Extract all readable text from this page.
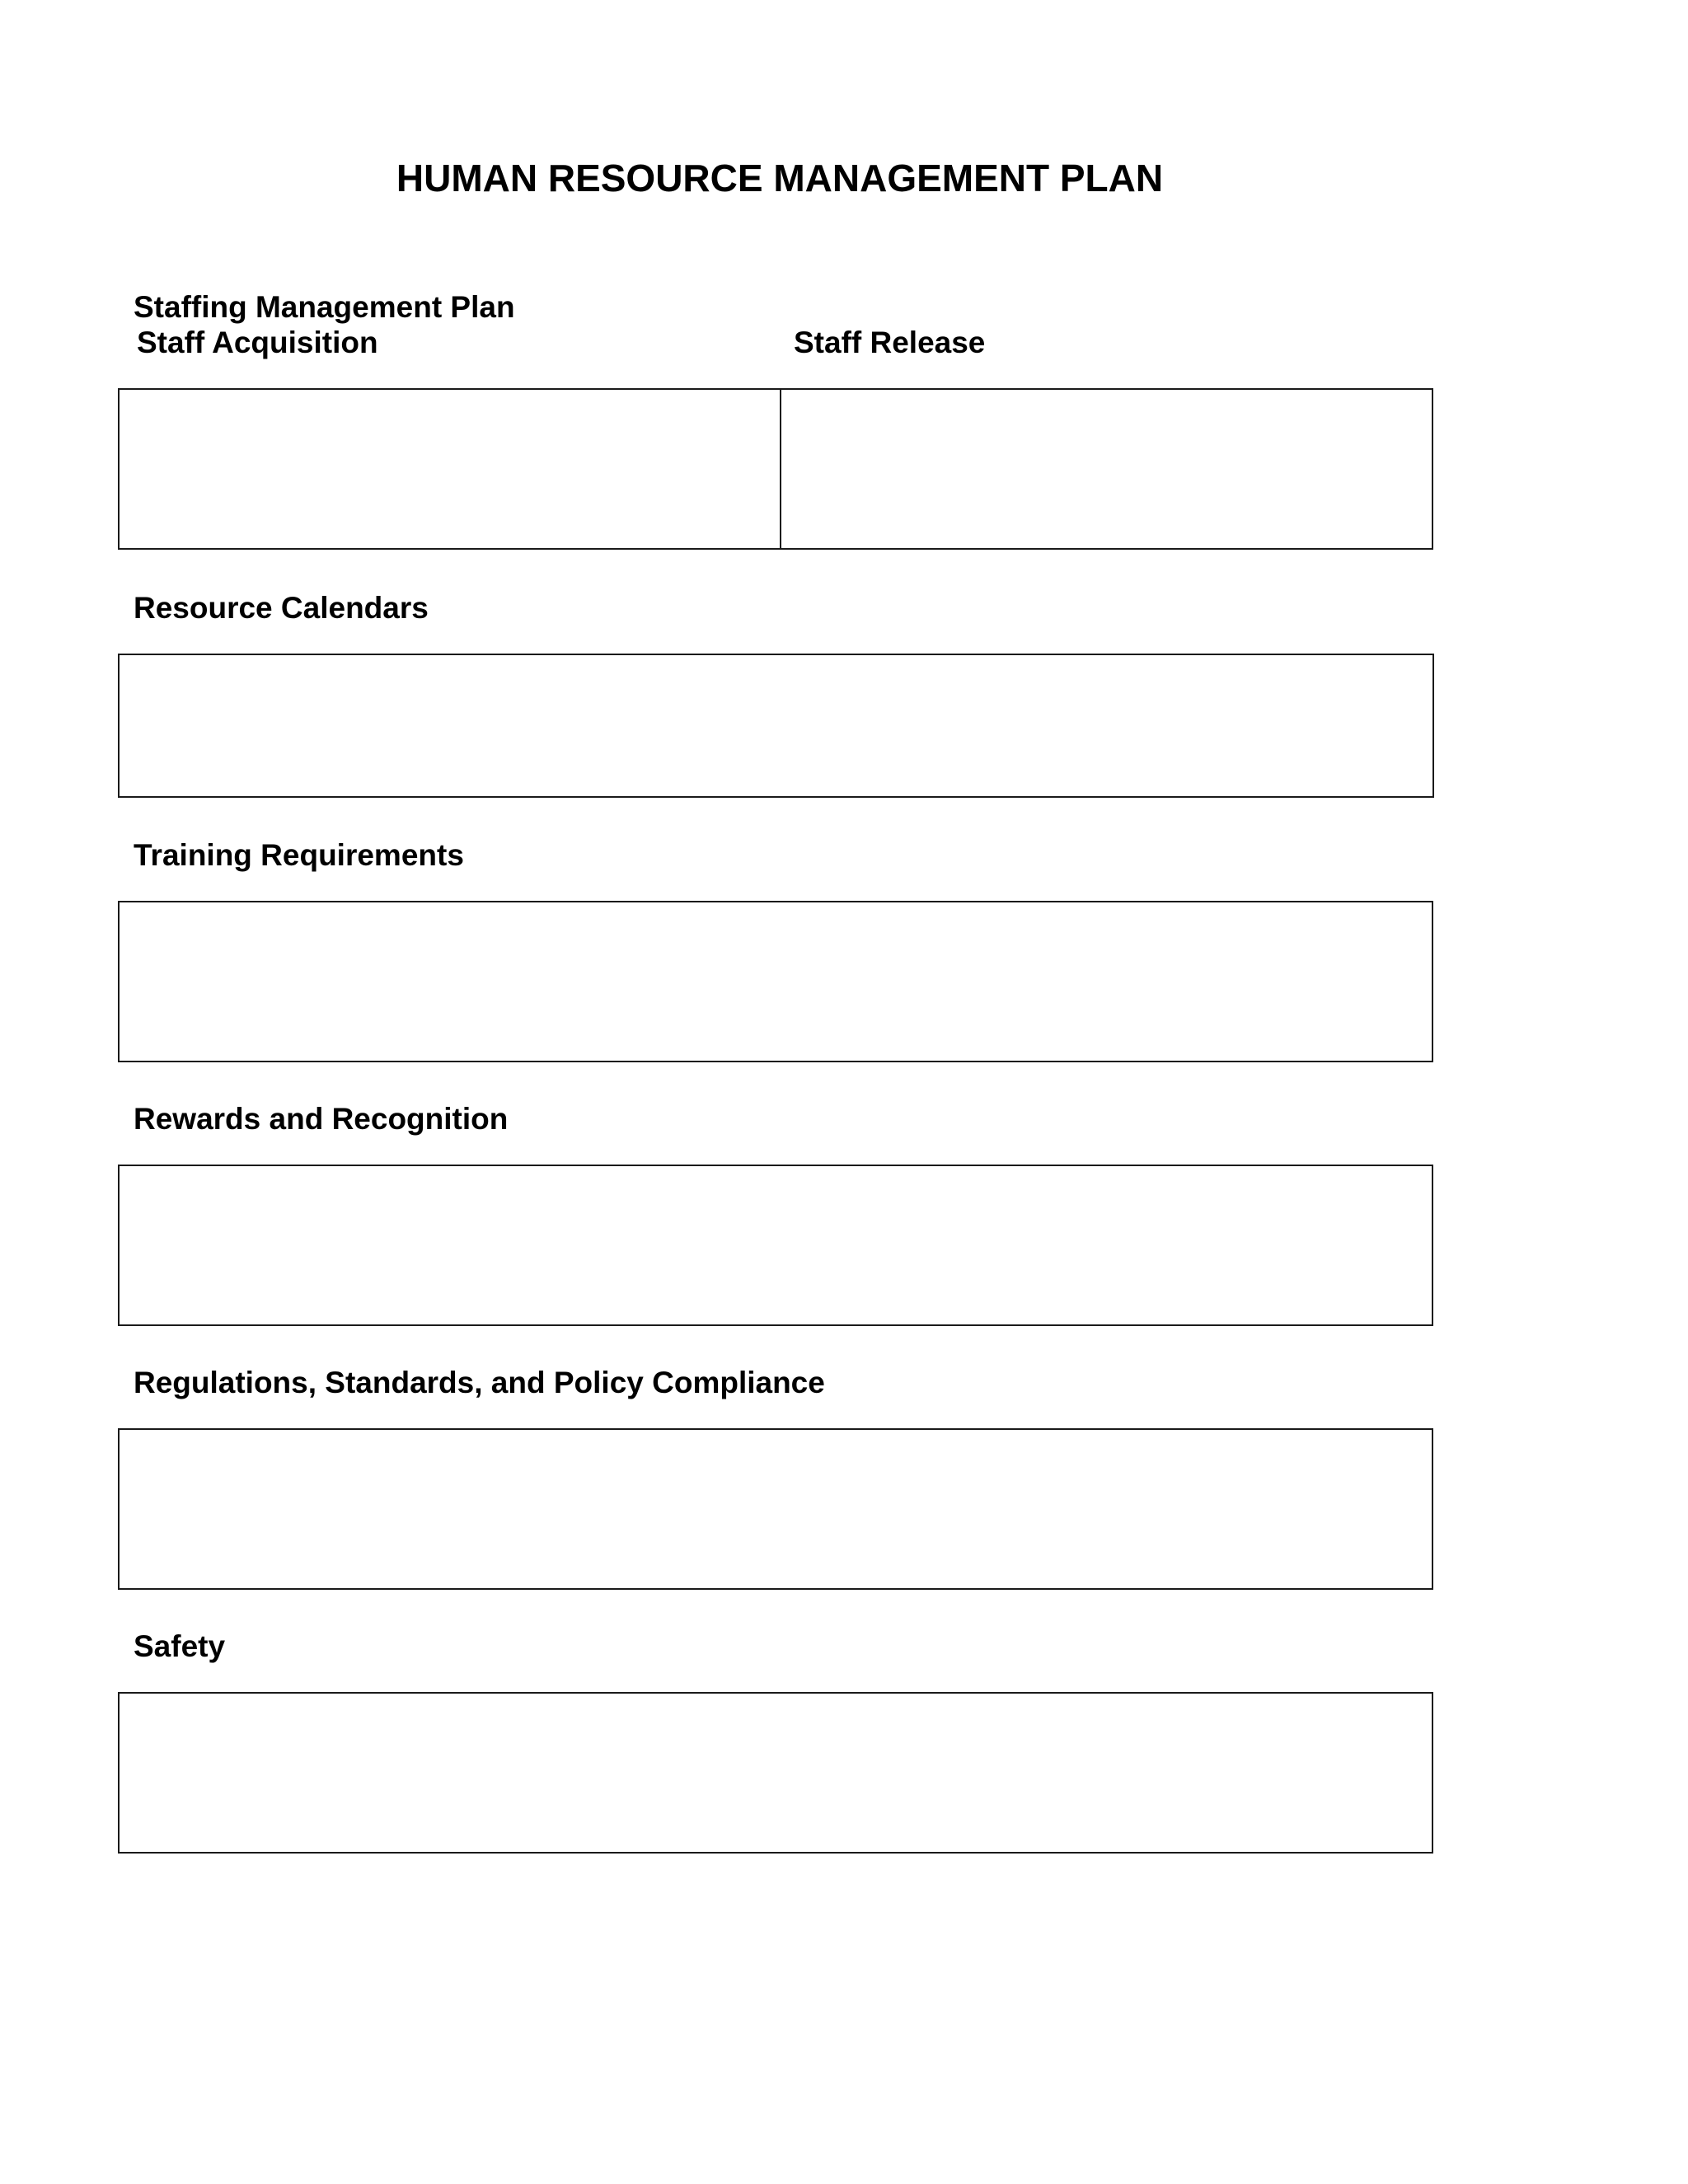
HUMAN RESOURCE MANAGEMENT PLAN
Staffing Management Plan
Staff Acquisition	Staff Release
Resource Calendars
Training Requirements
Rewards and Recognition
Regulations, Standards, and Policy Compliance
Safety
